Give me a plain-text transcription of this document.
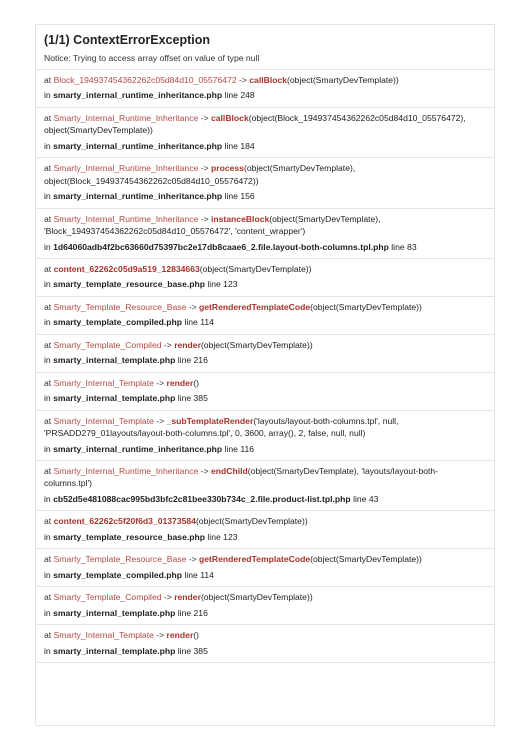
(1/1) ContextErrorException
Notice: Trying to access array offset on value of type null
at Block_194937454362262c05d84d10_05576472 -> callBlock(object(SmartyDevTemplate))
in smarty_internal_runtime_inheritance.php line 248
at Smarty_Internal_Runtime_Inheritance -> callBlock(object(Block_194937454362262c05d84d10_05576472), object(SmartyDevTemplate))
in smarty_internal_runtime_inheritance.php line 184
at Smarty_Internal_Runtime_Inheritance -> process(object(SmartyDevTemplate), object(Block_194937454362262c05d84d10_05576472))
in smarty_internal_runtime_inheritance.php line 156
at Smarty_Internal_Runtime_Inheritance -> instanceBlock(object(SmartyDevTemplate), 'Block_194937454362262c05d84d10_05576472', 'content_wrapper')
in 1d64060adb4f2bc63660d75397bc2e17db8caae6_2.file.layout-both-columns.tpl.php line 83
at content_62262c05d9a519_12834663(object(SmartyDevTemplate))
in smarty_template_resource_base.php line 123
at Smarty_Template_Resource_Base -> getRenderedTemplateCode(object(SmartyDevTemplate))
in smarty_template_compiled.php line 114
at Smarty_Template_Compiled -> render(object(SmartyDevTemplate))
in smarty_internal_template.php line 216
at Smarty_Internal_Template -> render()
in smarty_internal_template.php line 385
at Smarty_Internal_Template -> _subTemplateRender('layouts/layout-both-columns.tpl', null, 'PRSADD279_01layouts/layout-both-columns.tpl', 0, 3600, array(), 2, false, null, null)
in smarty_internal_runtime_inheritance.php line 116
at Smarty_Internal_Runtime_Inheritance -> endChild(object(SmartyDevTemplate), 'layouts/layout-both-columns.tpl')
in cb52d5e481088cac995bd3bfc2c81bee330b734c_2.file.product-list.tpl.php line 43
at content_62262c5f20f6d3_01373584(object(SmartyDevTemplate))
in smarty_template_resource_base.php line 123
at Smarty_Template_Resource_Base -> getRenderedTemplateCode(object(SmartyDevTemplate))
in smarty_template_compiled.php line 114
at Smarty_Template_Compiled -> render(object(SmartyDevTemplate))
in smarty_internal_template.php line 216
at Smarty_Internal_Template -> render()
in smarty_internal_template.php line 385
